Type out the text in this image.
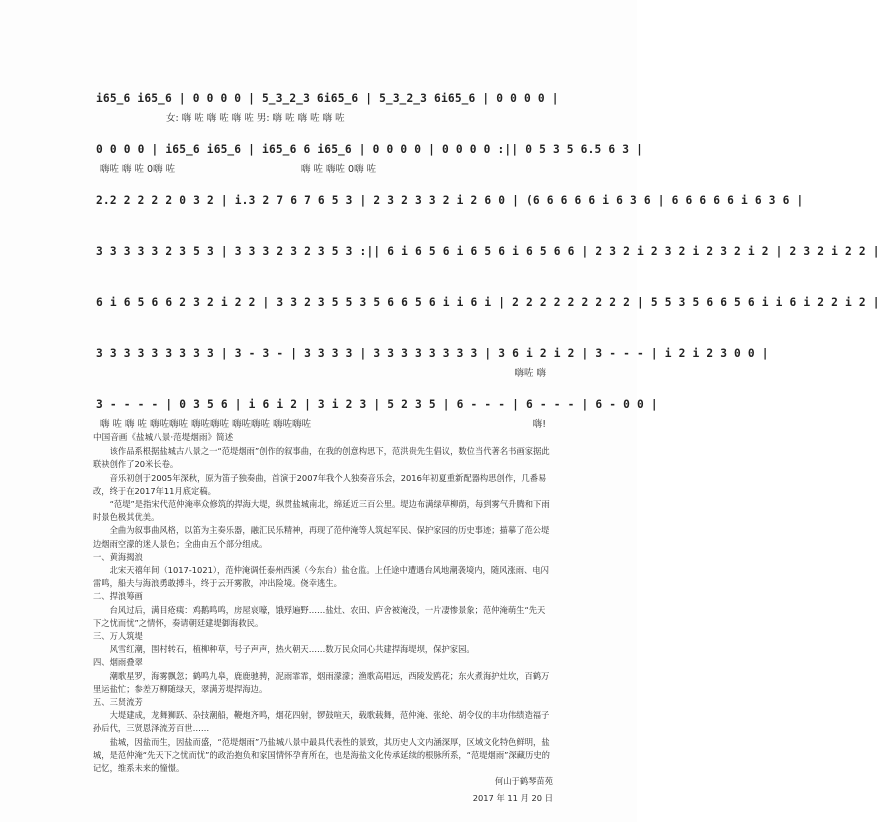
i65̲6 i65̲6 | 0 0 0 0 | 5̲3̲2̲3 6i65̲6 | 5̲3̲2̲3 6i65̲6 | 0 0 0 0 |
女: 嗨 咗 嗨 咗 嗨 咗 男: 嗨 咗 嗨 咗 嗨 咗
0 0 0 0 | i65̲6 i65̲6 | i65̲6 6 i65̲6 | 0 0 0 0 | 0 0 0 0 :|| 0 5 3 5 6.5 6 3 |
嗨咗 嗨 咗 0嗨 咗	嗨 咗 嗨咗 0嗨 咗
2.2 2 2 2 2 0 3 2 | i.3 2 7 6 7 6 5 3 | 2 3 2 3 3 2 i 2 6 0 | (6 6 6 6 6 i 6 3 6 | 6 6 6 6 6 i 6 3 6 |
3 3 3 3 3 2 3 5 3 | 3 3 3 2 3 2 3 5 3 :|| 6 i 6 5 6 i 6 5 6 i 6 5 6 6 | 2 3 2 i 2 3 2 i 2 3 2 i 2 | 2 3 2 i 2 2 |
6 i 6 5 6 6 2 3 2 i 2 2 | 3 3 2 3 5 5 3 5 6 6 5 6 i i 6 i | 2 2 2 2 2 2 2 2 2 | 5 5 3 5 6 6 5 6 i i 6 i 2 2 i 2 |
3 3 3 3 3 3 3 3 3 | 3 - 3 - | 3 3 3 3 | 3 3 3 3 3 3 3 3 | 3 6 i 2 i 2 | 3 - - - | i 2 i 2 3 0 0 |
嗨咗 嗨
3 - - - - | 0 3 5 6 | i 6 i 2 | 3 i 2 3 | 5 2 3 5 | 6 - - - | 6 - - - | 6 - 0 0 |
嗨 咗 嗨 咗 嗨咗嗨咗 嗨咗嗨咗 嗨咗嗨咗 嗨咗嗨咗	嗨!

中国音画《盐城八景·范堤烟雨》简述

该作品系根据盐城古八景之一“范堤烟雨”创作的叙事曲，在我的创意构思下，范洪贵先生倡议，数位当代著名书画家据此联袂创作了20米长卷。

音乐初创于2005年深秋，原为笛子独奏曲，首演于2007年我个人独奏音乐会，2016年初夏重新配器构思创作，几番易改，终于在2017年11月底定稿。

“范堤”是指宋代范仲淹率众修筑的捍海大堤，纵贯盐城南北，绵延近三百公里。堤边布满绿草柳荫，每到雾气升腾和下雨时景色极其优美。

全曲为叙事曲风格，以笛为主奏乐器，融汇民乐精神，再现了范仲淹等人筑起军民、保护家园的历史事迹；描摹了范公堤边烟雨空濛的迷人景色；全曲由五个部分组成。

一、黄海揭浪

北宋天禧年间（1017-1021），范仲淹调任泰州西溪（今东台）盐仓监。上任途中遭遇台风地潮袭境内，随风涨雨、电闪雷鸣，船夫与海浪勇敢搏斗，终于云开雾散，冲出险境。侥幸逃生。

二、捍浪筹画

台风过后，满目疮痍：鸡鹅鸣鸣，房屋哀嚎，饿殍遍野……盐灶、农田、庐舍被淹没，一片凄惨景象；范仲淹萌生“先天下之忧而忧”之情怀，奏请朝廷建堤御海救民。

三、万人筑堤

风雪红潮，围村转石，植柳种草，号子声声，热火朝天……数万民众同心共建捍海堤坝，保护家园。

四、烟雨叠翠

潮歌星罗，海雾飘忽；鹤鸣九皋，鹿鹿驰骋，泥雨霏霏，烟雨濛濛；渔歌高唱远，西陵发鸥花；东火煮海护灶坎，百鹤万里运盐忙；参差万柳随绿天，翠满芳堤捍海边。

五、三贤流芳

大堤建成，龙舞狮跃、杂技潮船，鞭炮齐鸣，烟花四射，锣鼓喧天，载歌载舞，范仲淹、张纶、胡令仪的丰功伟绩造福子孙后代，三贤恩泽流芳百世……

盐城，因盐而生，因盐而盛，“范堤烟雨”乃盐城八景中最具代表性的景致，其历史人文内涵深厚，区域文化特色鲜明，盐城，是范仲淹“先天下之忧而忧”的政治抱负和家国情怀孕育所在，也是海盐文化传承延续的根脉所系，“范堤烟雨”深藏历史的记忆，维系未来的憧憬。

何山于鹤琴苗苑

2017 年 11 月 20 日
